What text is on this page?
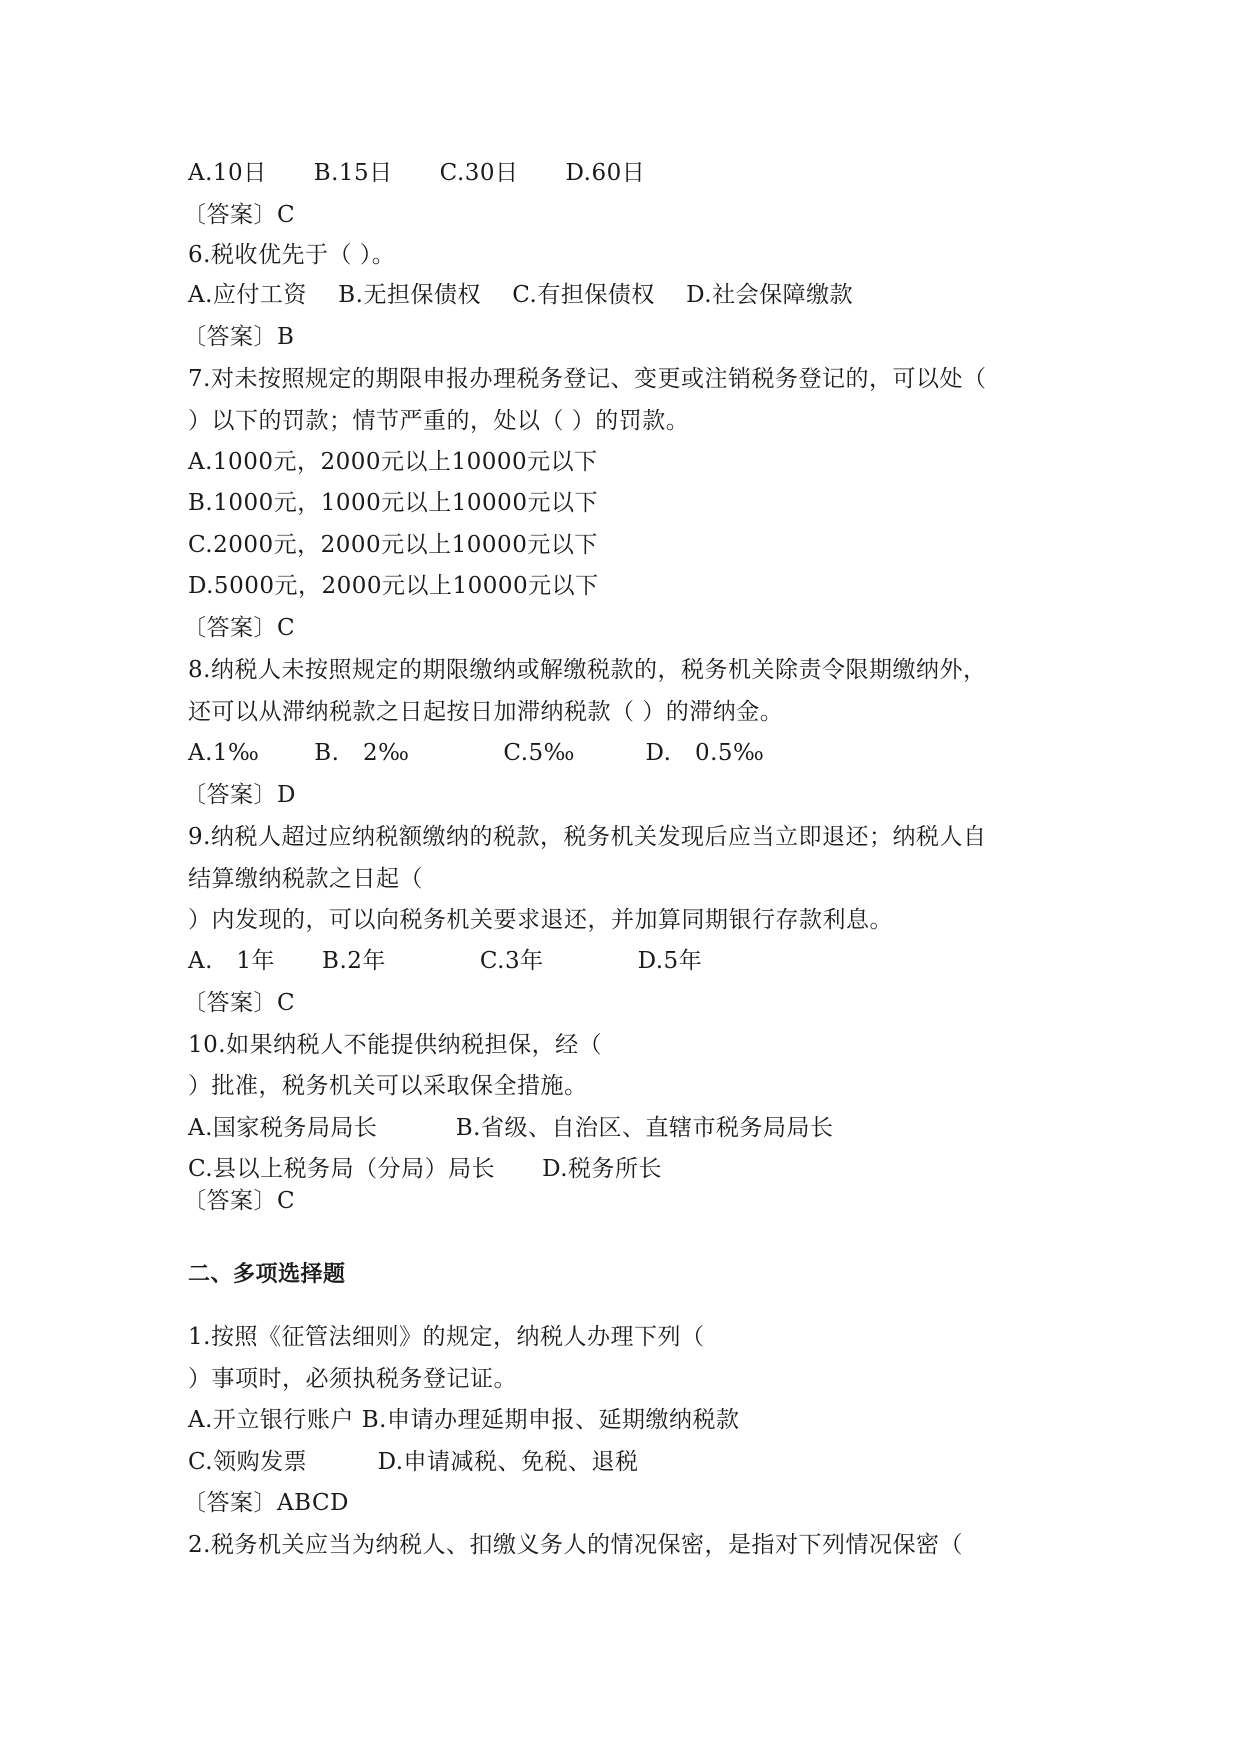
A.10日　　B.15日　　C.30日　　D.60日
〔答案〕C
6.税收优先于（ ）。
A.应付工资　 B.无担保债权　 C.有担保债权　 D.社会保障缴款
〔答案〕B
7.对未按照规定的期限申报办理税务登记、变更或注销税务登记的，可以处（
）以下的罚款；情节严重的，处以（ ）的罚款。
A.1000元，2000元以上10000元以下
B.1000元，1000元以上10000元以下
C.2000元，2000元以上10000元以下
D.5000元，2000元以上10000元以下
〔答案〕C
8.纳税人未按照规定的期限缴纳或解缴税款的，税务机关除责令限期缴纳外，
还可以从滞纳税款之日起按日加滞纳税款（ ）的滞纳金。
A.1‰　　 B.　2‰　　　　C.5‰　　　D.　0.5‰
〔答案〕D
9.纳税人超过应纳税额缴纳的税款，税务机关发现后应当立即退还；纳税人自
结算缴纳税款之日起（
）内发现的，可以向税务机关要求退还，并加算同期银行存款利息。
A.　1年　　B.2年　　　　C.3年　　　　D.5年
〔答案〕C
10.如果纳税人不能提供纳税担保，经（
）批准，税务机关可以采取保全措施。
A.国家税务局局长　　　 B.省级、自治区、直辖市税务局局长
C.县以上税务局（分局）局长　　D.税务所长
〔答案〕C
二、多项选择题
1.按照《征管法细则》的规定，纳税人办理下列（
）事项时，必须执税务登记证。
A.开立银行账户 B.申请办理延期申报、延期缴纳税款
C.领购发票　　　D.申请减税、免税、退税
〔答案〕ABCD
2.税务机关应当为纳税人、扣缴义务人的情况保密，是指对下列情况保密（
